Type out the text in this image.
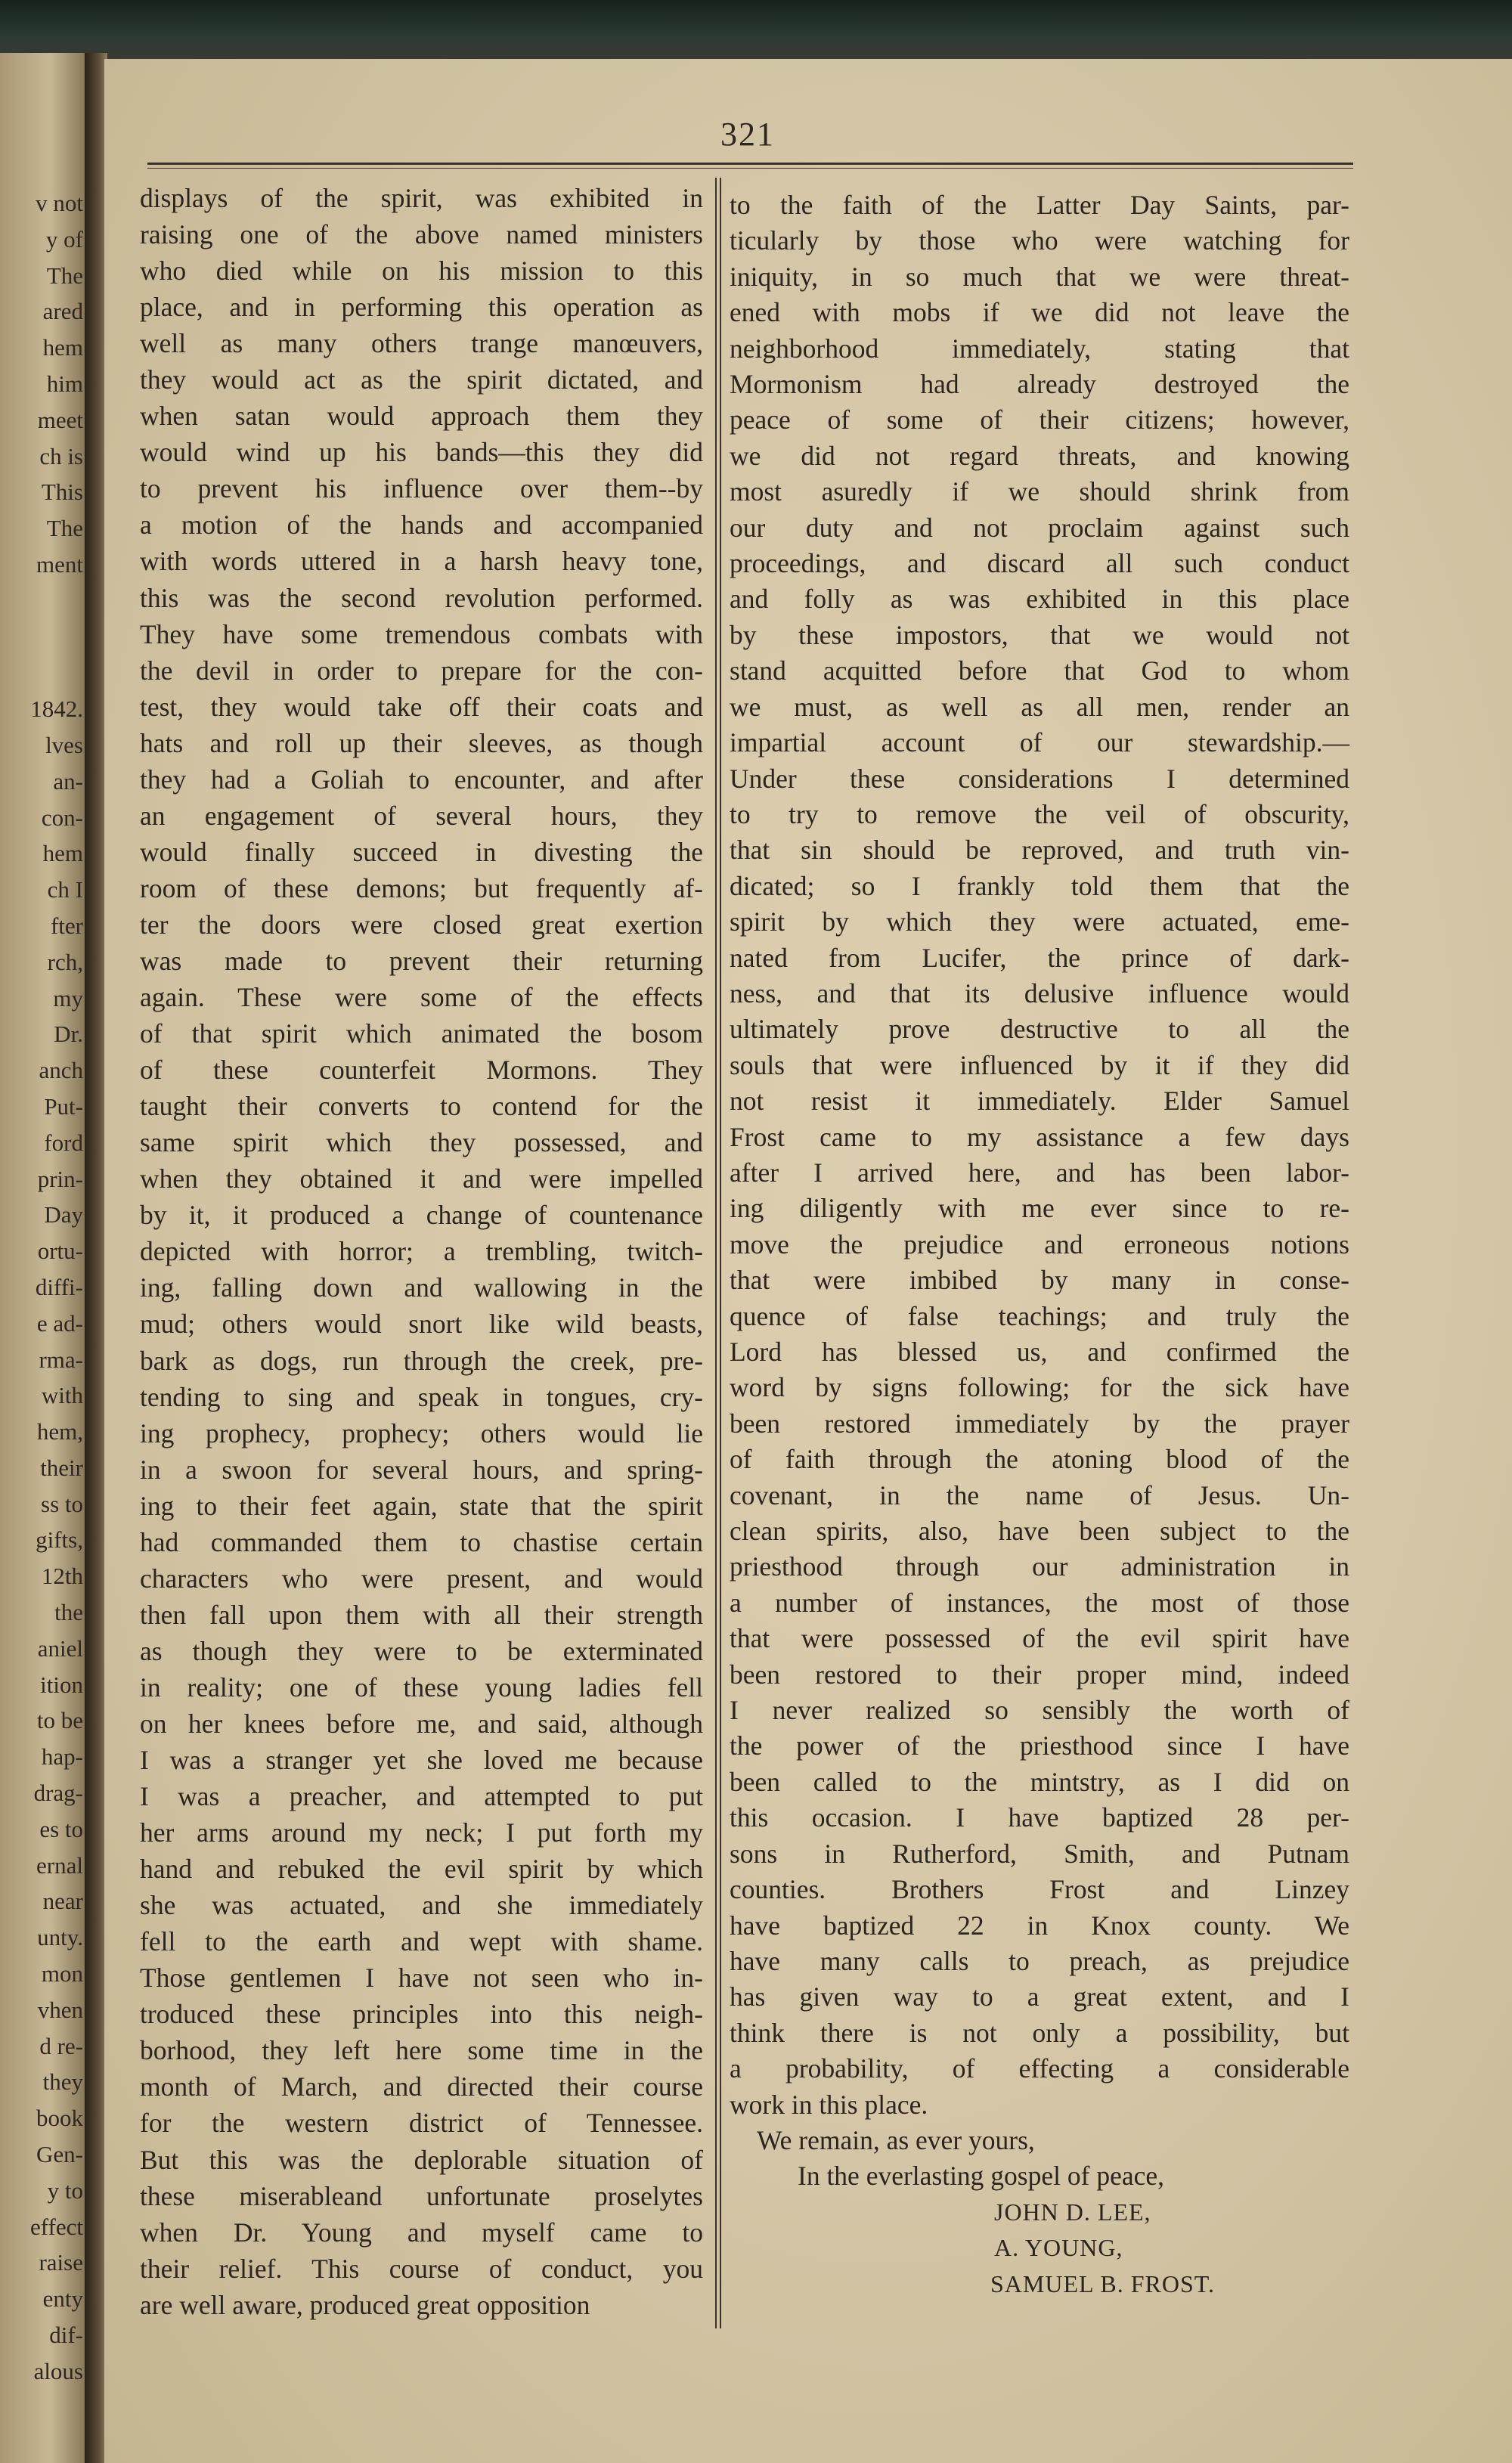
v not
y of
The
ared
hem
him
meet
ch is
This
The
ment
1842.
lves
an-
con-
hem
ch I
fter
rch,
my
Dr.
anch
Put-
ford
prin-
Day
ortu-
diffi-
e ad-
rma-
with
hem,
their
ss to
gifts,
12th
the
aniel
ition
to be
hap-
drag-
es to
ernal
near
unty.
mon
vhen
d re-
they
book
Gen-
y to
effect
raise
enty
dif-
alous
321
displays of the spirit, was exhibited in
raising one of the above named ministers
who died while on his mission to this
place, and in performing this operation as
well as many others trange manœuvers,
they would act as the spirit dictated, and
when satan would approach them they
would wind up his bands—this they did
to prevent his influence over them--by
a motion of the hands and accompanied
with words uttered in a harsh heavy tone,
this was the second revolution performed.
They have some tremendous combats with
the devil in order to prepare for the con-
test, they would take off their coats and
hats and roll up their sleeves, as though
they had a Goliah to encounter, and after
an engagement of several hours, they
would finally succeed in divesting the
room of these demons; but frequently af-
ter the doors were closed great exertion
was made to prevent their returning
again. These were some of the effects
of that spirit which animated the bosom
of these counterfeit Mormons. They
taught their converts to contend for the
same spirit which they possessed, and
when they obtained it and were impelled
by it, it produced a change of countenance
depicted with horror; a trembling, twitch-
ing, falling down and wallowing in the
mud; others would snort like wild beasts,
bark as dogs, run through the creek, pre-
tending to sing and speak in tongues, cry-
ing prophecy, prophecy; others would lie
in a swoon for several hours, and spring-
ing to their feet again, state that the spirit
had commanded them to chastise certain
characters who were present, and would
then fall upon them with all their strength
as though they were to be exterminated
in reality; one of these young ladies fell
on her knees before me, and said, although
I was a stranger yet she loved me because
I was a preacher, and attempted to put
her arms around my neck; I put forth my
hand and rebuked the evil spirit by which
she was actuated, and she immediately
fell to the earth and wept with shame.
Those gentlemen I have not seen who in-
troduced these principles into this neigh-
borhood, they left here some time in the
month of March, and directed their course
for the western district of Tennessee.
But this was the deplorable situation of
these miserableand unfortunate proselytes
when Dr. Young and myself came to
their relief. This course of conduct, you
are well aware, produced great opposition
to the faith of the Latter Day Saints, par-
ticularly by those who were watching for
iniquity, in so much that we were threat-
ened with mobs if we did not leave the
neighborhood immediately, stating that
Mormonism had already destroyed the
peace of some of their citizens; however,
we did not regard threats, and knowing
most asuredly if we should shrink from
our duty and not proclaim against such
proceedings, and discard all such conduct
and folly as was exhibited in this place
by these impostors, that we would not
stand acquitted before that God to whom
we must, as well as all men, render an
impartial account of our stewardship.—
Under these considerations I determined
to try to remove the veil of obscurity,
that sin should be reproved, and truth vin-
dicated; so I frankly told them that the
spirit by which they were actuated, eme-
nated from Lucifer, the prince of dark-
ness, and that its delusive influence would
ultimately prove destructive to all the
souls that were influenced by it if they did
not resist it immediately. Elder Samuel
Frost came to my assistance a few days
after I arrived here, and has been labor-
ing diligently with me ever since to re-
move the prejudice and erroneous notions
that were imbibed by many in conse-
quence of false teachings; and truly the
Lord has blessed us, and confirmed the
word by signs following; for the sick have
been restored immediately by the prayer
of faith through the atoning blood of the
covenant, in the name of Jesus. Un-
clean spirits, also, have been subject to the
priesthood through our administration in
a number of instances, the most of those
that were possessed of the evil spirit have
been restored to their proper mind, indeed
I never realized so sensibly the worth of
the power of the priesthood since I have
been called to the mintstry, as I did on
this occasion. I have baptized 28 per-
sons in Rutherford, Smith, and Putnam
counties. Brothers Frost and Linzey
have baptized 22 in Knox county. We
have many calls to preach, as prejudice
has given way to a great extent, and I
think there is not only a possibility, but
a probability, of effecting a considerable
work in this place.
We remain, as ever yours,
In the everlasting gospel of peace,
JOHN D. LEE,
A. YOUNG,
SAMUEL B. FROST.
